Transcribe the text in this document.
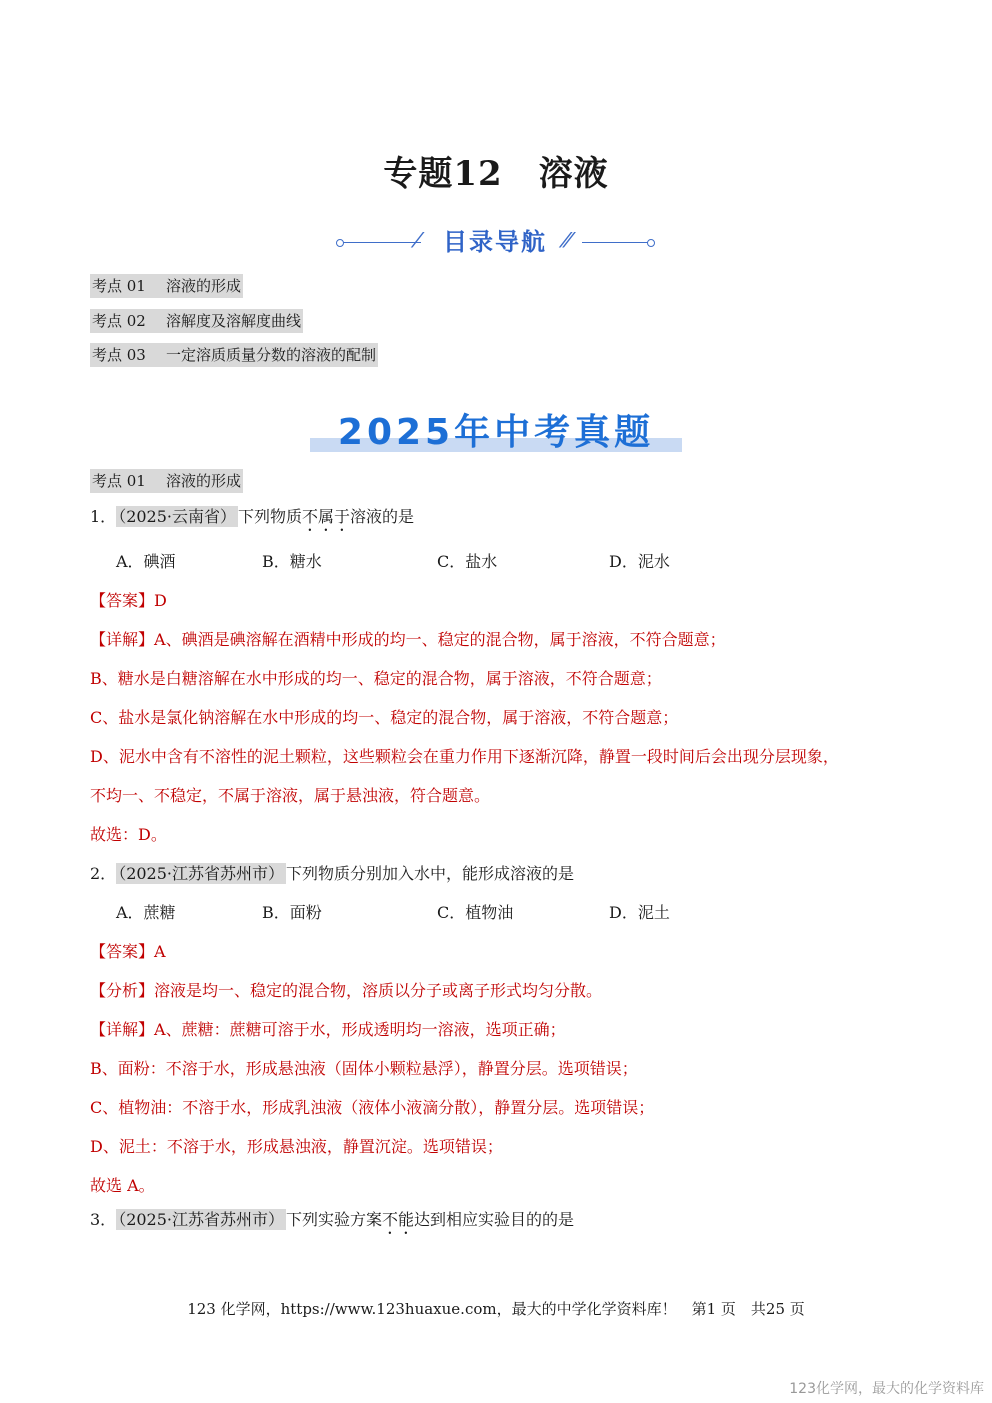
专题12 溶液
⁄ 目录导航 ⁄⁄
考点 01 溶液的形成
考点 02 溶解度及溶解度曲线
考点 03 一定溶质质量分数的溶液的配制
2025年中考真题
考点 01 溶液的形成
1． （2025·云南省） 下列物质不属于溶液的是
A．碘酒	B．糖水	C．盐水	D．泥水
【答案】D
【详解】A、碘酒是碘溶解在酒精中形成的均一、稳定的混合物，属于溶液，不符合题意；
B、糖水是白糖溶解在水中形成的均一、稳定的混合物，属于溶液，不符合题意；
C、盐水是氯化钠溶解在水中形成的均一、稳定的混合物，属于溶液，不符合题意；
D、泥水中含有不溶性的泥土颗粒，这些颗粒会在重力作用下逐渐沉降，静置一段时间后会出现分层现象，
不均一、不稳定，不属于溶液，属于悬浊液，符合题意。
故选：D。
2． （2025·江苏省苏州市） 下列物质分别加入水中，能形成溶液的是
A．蔗糖	B．面粉	C．植物油	D．泥土
【答案】A
【分析】溶液是均一、稳定的混合物，溶质以分子或离子形式均匀分散。
【详解】A、蔗糖：蔗糖可溶于水，形成透明均一溶液，选项正确；
B、面粉：不溶于水，形成悬浊液（固体小颗粒悬浮），静置分层。选项错误；
C、植物油：不溶于水，形成乳浊液（液体小液滴分散），静置分层。选项错误；
D、泥土：不溶于水，形成悬浊液，静置沉淀。选项错误；
故选 A。
3． （2025·江苏省苏州市） 下列实验方案不能达到相应实验目的的是
123 化学网，https://www.123huaxue.com，最大的中学化学资料库！　第1 页　共25 页
123化学网，最大的化学资料库
